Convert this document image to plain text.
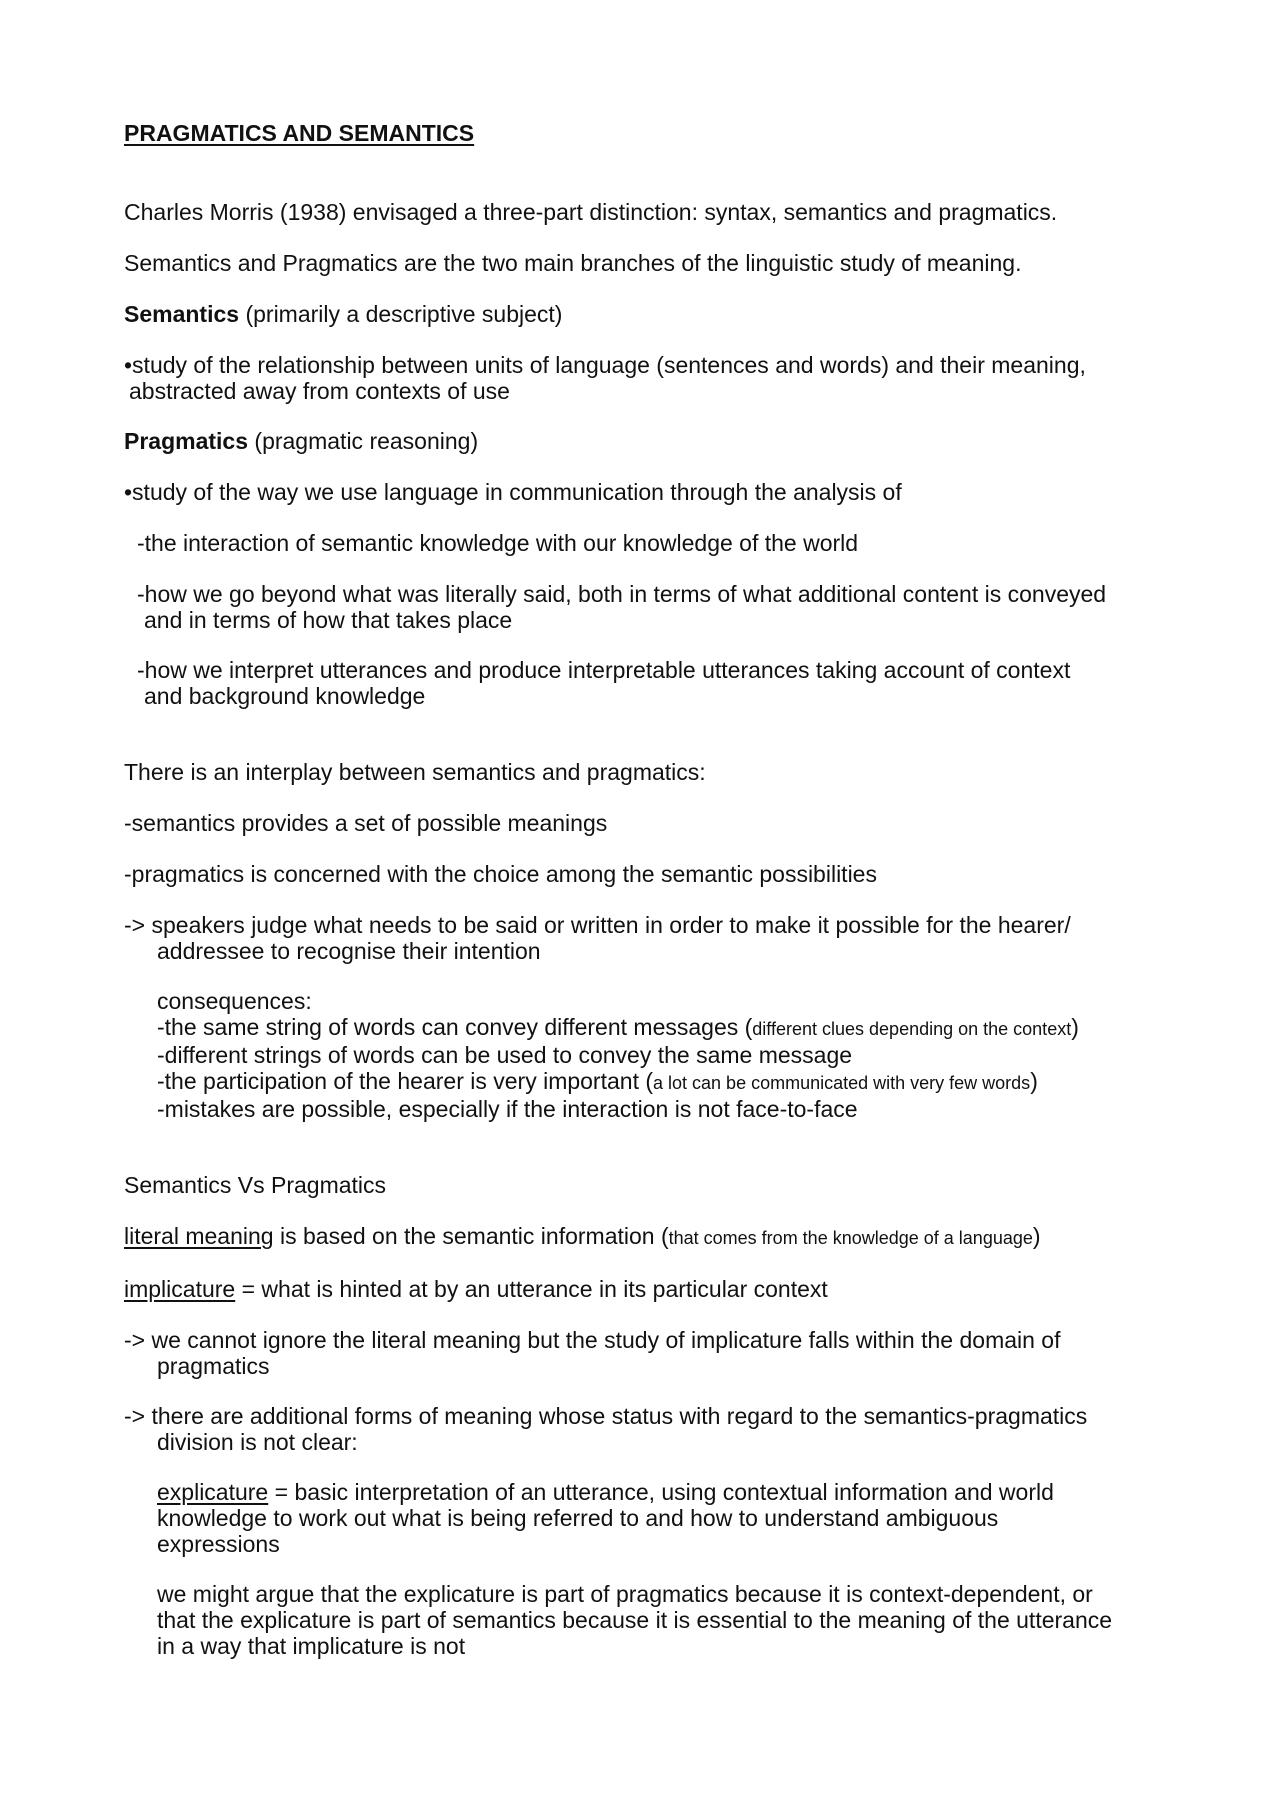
PRAGMATICS AND SEMANTICS

Charles Morris (1938) envisaged a three-part distinction: syntax, semantics and pragmatics.

Semantics and Pragmatics are the two main branches of the linguistic study of meaning.

Semantics (primarily a descriptive subject)

•study of the relationship between units of language (sentences and words) and their meaning,

abstracted away from contexts of use

Pragmatics (pragmatic reasoning)

•study of the way we use language in communication through the analysis of

-the interaction of semantic knowledge with our knowledge of the world

-how we go beyond what was literally said, both in terms of what additional content is conveyed

and in terms of how that takes place

-how we interpret utterances and produce interpretable utterances taking account of context

and background knowledge

There is an interplay between semantics and pragmatics:

-semantics provides a set of possible meanings

-pragmatics is concerned with the choice among the semantic possibilities

-> speakers judge what needs to be said or written in order to make it possible for the hearer/

addressee to recognise their intention

consequences:

-the same string of words can convey different messages (different clues depending on the context)

-different strings of words can be used to convey the same message

-the participation of the hearer is very important (a lot can be communicated with very few words)

-mistakes are possible, especially if the interaction is not face-to-face

Semantics Vs Pragmatics

literal meaning is based on the semantic information (that comes from the knowledge of a language)

implicature = what is hinted at by an utterance in its particular context

-> we cannot ignore the literal meaning but the study of implicature falls within the domain of

pragmatics

-> there are additional forms of meaning whose status with regard to the semantics-pragmatics

division is not clear:

explicature = basic interpretation of an utterance, using contextual information and world

knowledge to work out what is being referred to and how to understand ambiguous

expressions

we might argue that the explicature is part of pragmatics because it is context-dependent, or

that the explicature is part of semantics because it is essential to the meaning of the utterance

in a way that implicature is not
